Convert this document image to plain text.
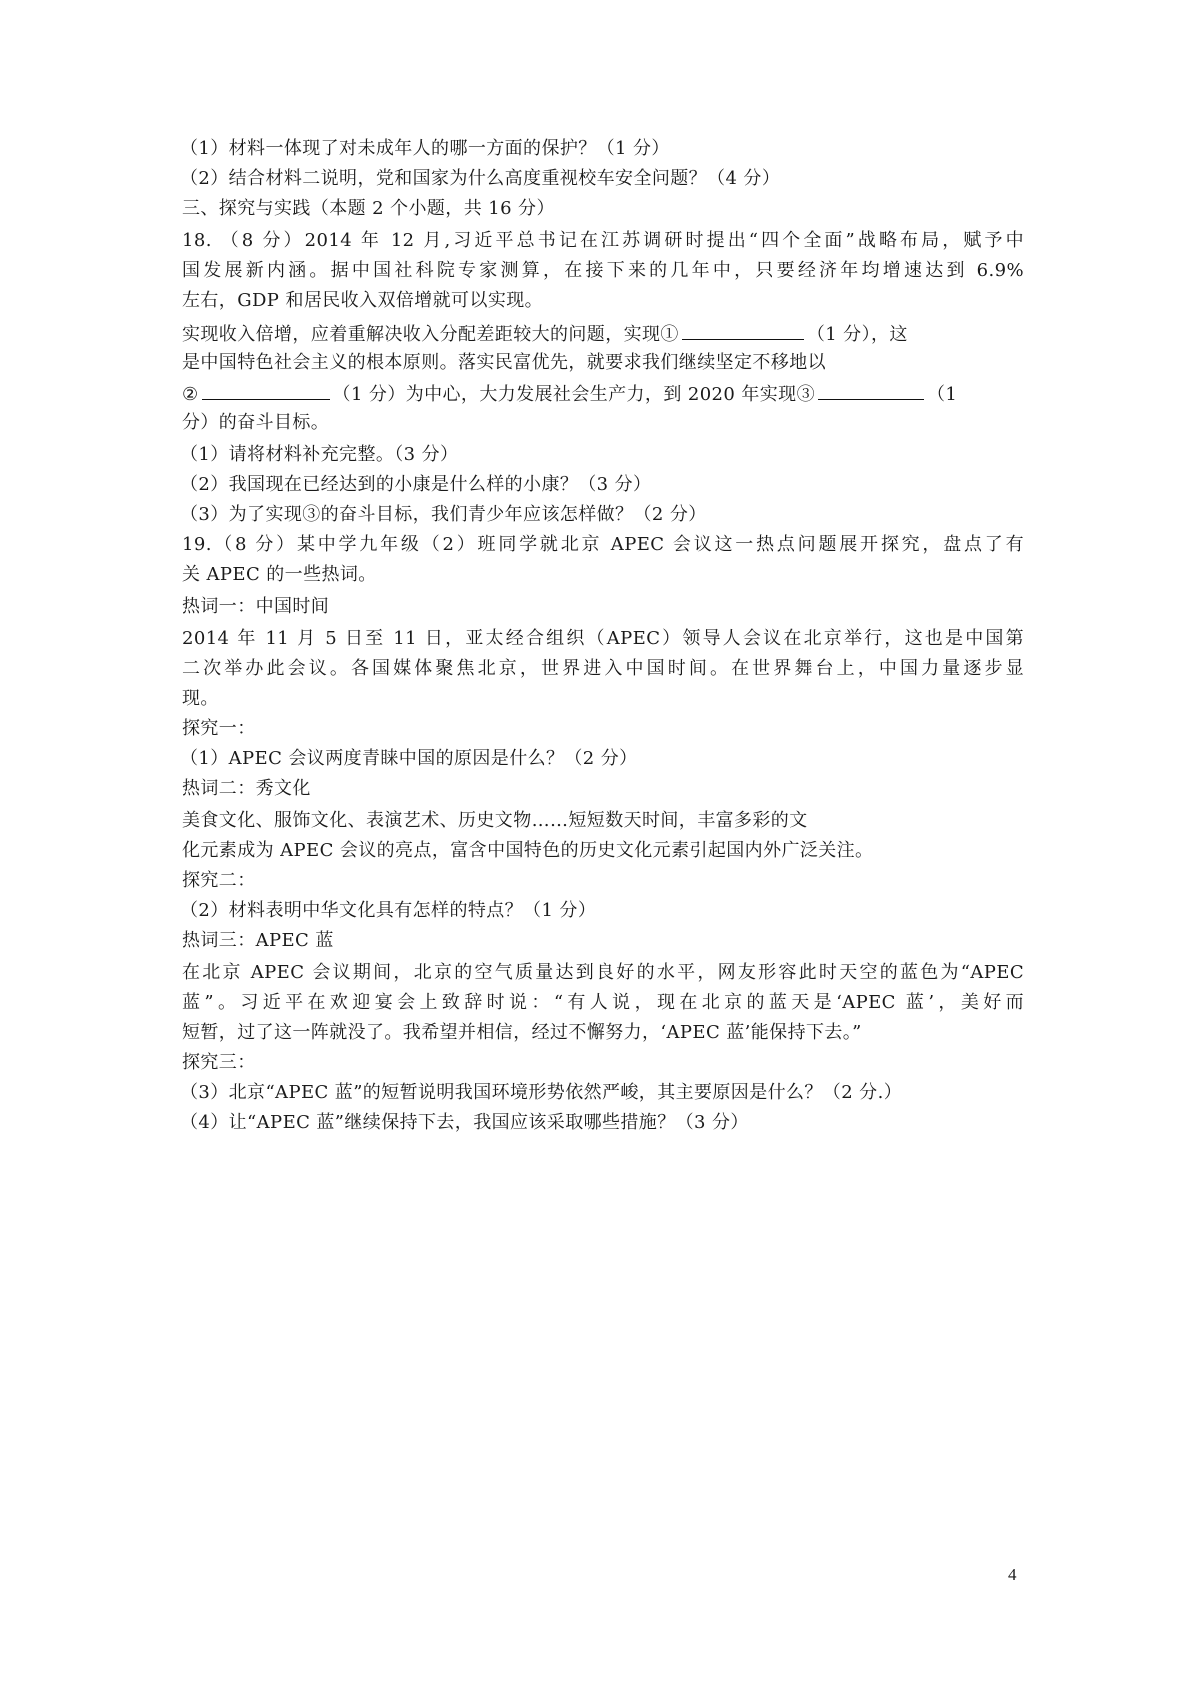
（1）材料一体现了对未成年人的哪一方面的保护？（1 分）
（2）结合材料二说明，党和国家为什么高度重视校车安全问题？（4 分）
三、探究与实践（本题 2 个小题，共 16 分）
18. （8 分）2014 年 12 月,习近平总书记在江苏调研时提出“四个全面”战略布局，赋予中
国发展新内涵。据中国社科院专家测算，在接下来的几年中，只要经济年均增速达到 6.9%
左右，GDP 和居民收入双倍增就可以实现。
实现收入倍增，应着重解决收入分配差距较大的问题，实现①	（1 分），这
是中国特色社会主义的根本原则。落实民富优先，就要求我们继续坚定不移地以
②	（1 分）为中心，大力发展社会生产力，到 2020 年实现③	（1
分）的奋斗目标。
（1）请将材料补充完整。（3 分）
（2）我国现在已经达到的小康是什么样的小康？（3 分）
（3）为了实现③的奋斗目标，我们青少年应该怎样做？（2 分）
19.（8 分）某中学九年级（2）班同学就北京 APEC 会议这一热点问题展开探究，盘点了有
关 APEC 的一些热词。
热词一：中国时间
2014 年 11 月 5 日至 11 日，亚太经合组织（APEC）领导人会议在北京举行，这也是中国第
二次举办此会议。各国媒体聚焦北京，世界进入中国时间。在世界舞台上，中国力量逐步显
现。
探究一：
（1）APEC 会议两度青睐中国的原因是什么？（2 分）
热词二：秀文化
美食文化、服饰文化、表演艺术、历史文物……短短数天时间，丰富多彩的文
化元素成为 APEC 会议的亮点，富含中国特色的历史文化元素引起国内外广泛关注。
探究二：
（2）材料表明中华文化具有怎样的特点？（1 分）
热词三：APEC 蓝
在北京 APEC 会议期间，北京的空气质量达到良好的水平，网友形容此时天空的蓝色为“APEC
蓝”。习近平在欢迎宴会上致辞时说：“有人说，现在北京的蓝天是‘APEC 蓝’，美好而
短暂，过了这一阵就没了。我希望并相信，经过不懈努力，‘APEC 蓝’能保持下去。”
探究三：
（3）北京“APEC 蓝”的短暂说明我国环境形势依然严峻，其主要原因是什么？（2 分.）
（4）让“APEC 蓝”继续保持下去，我国应该采取哪些措施？（3 分）
4
